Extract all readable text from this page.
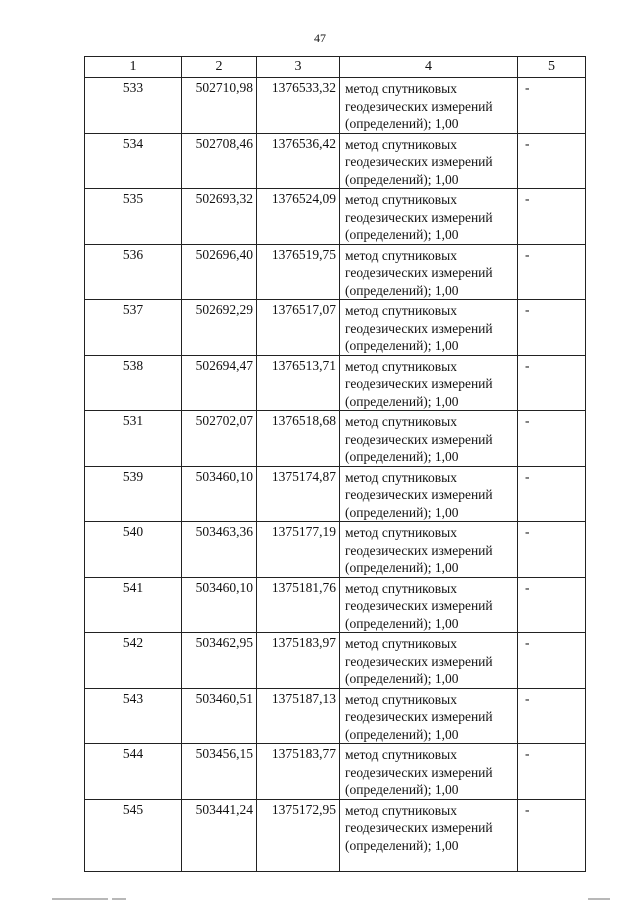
47
1	2	3	4	5
533	502710,98	1376533,32	метод спутниковых
геодезических измерений
(определений); 1,00	-
534	502708,46	1376536,42	метод спутниковых
геодезических измерений
(определений); 1,00	-
535	502693,32	1376524,09	метод спутниковых
геодезических измерений
(определений); 1,00	-
536	502696,40	1376519,75	метод спутниковых
геодезических измерений
(определений); 1,00	-
537	502692,29	1376517,07	метод спутниковых
геодезических измерений
(определений); 1,00	-
538	502694,47	1376513,71	метод спутниковых
геодезических измерений
(определений); 1,00	-
531	502702,07	1376518,68	метод спутниковых
геодезических измерений
(определений); 1,00	-
539	503460,10	1375174,87	метод спутниковых
геодезических измерений
(определений); 1,00	-
540	503463,36	1375177,19	метод спутниковых
геодезических измерений
(определений); 1,00	-
541	503460,10	1375181,76	метод спутниковых
геодезических измерений
(определений); 1,00	-
542	503462,95	1375183,97	метод спутниковых
геодезических измерений
(определений); 1,00	-
543	503460,51	1375187,13	метод спутниковых
геодезических измерений
(определений); 1,00	-
544	503456,15	1375183,77	метод спутниковых
геодезических измерений
(определений); 1,00	-
545	503441,24	1375172,95	метод спутниковых
геодезических измерений
(определений); 1,00	-
